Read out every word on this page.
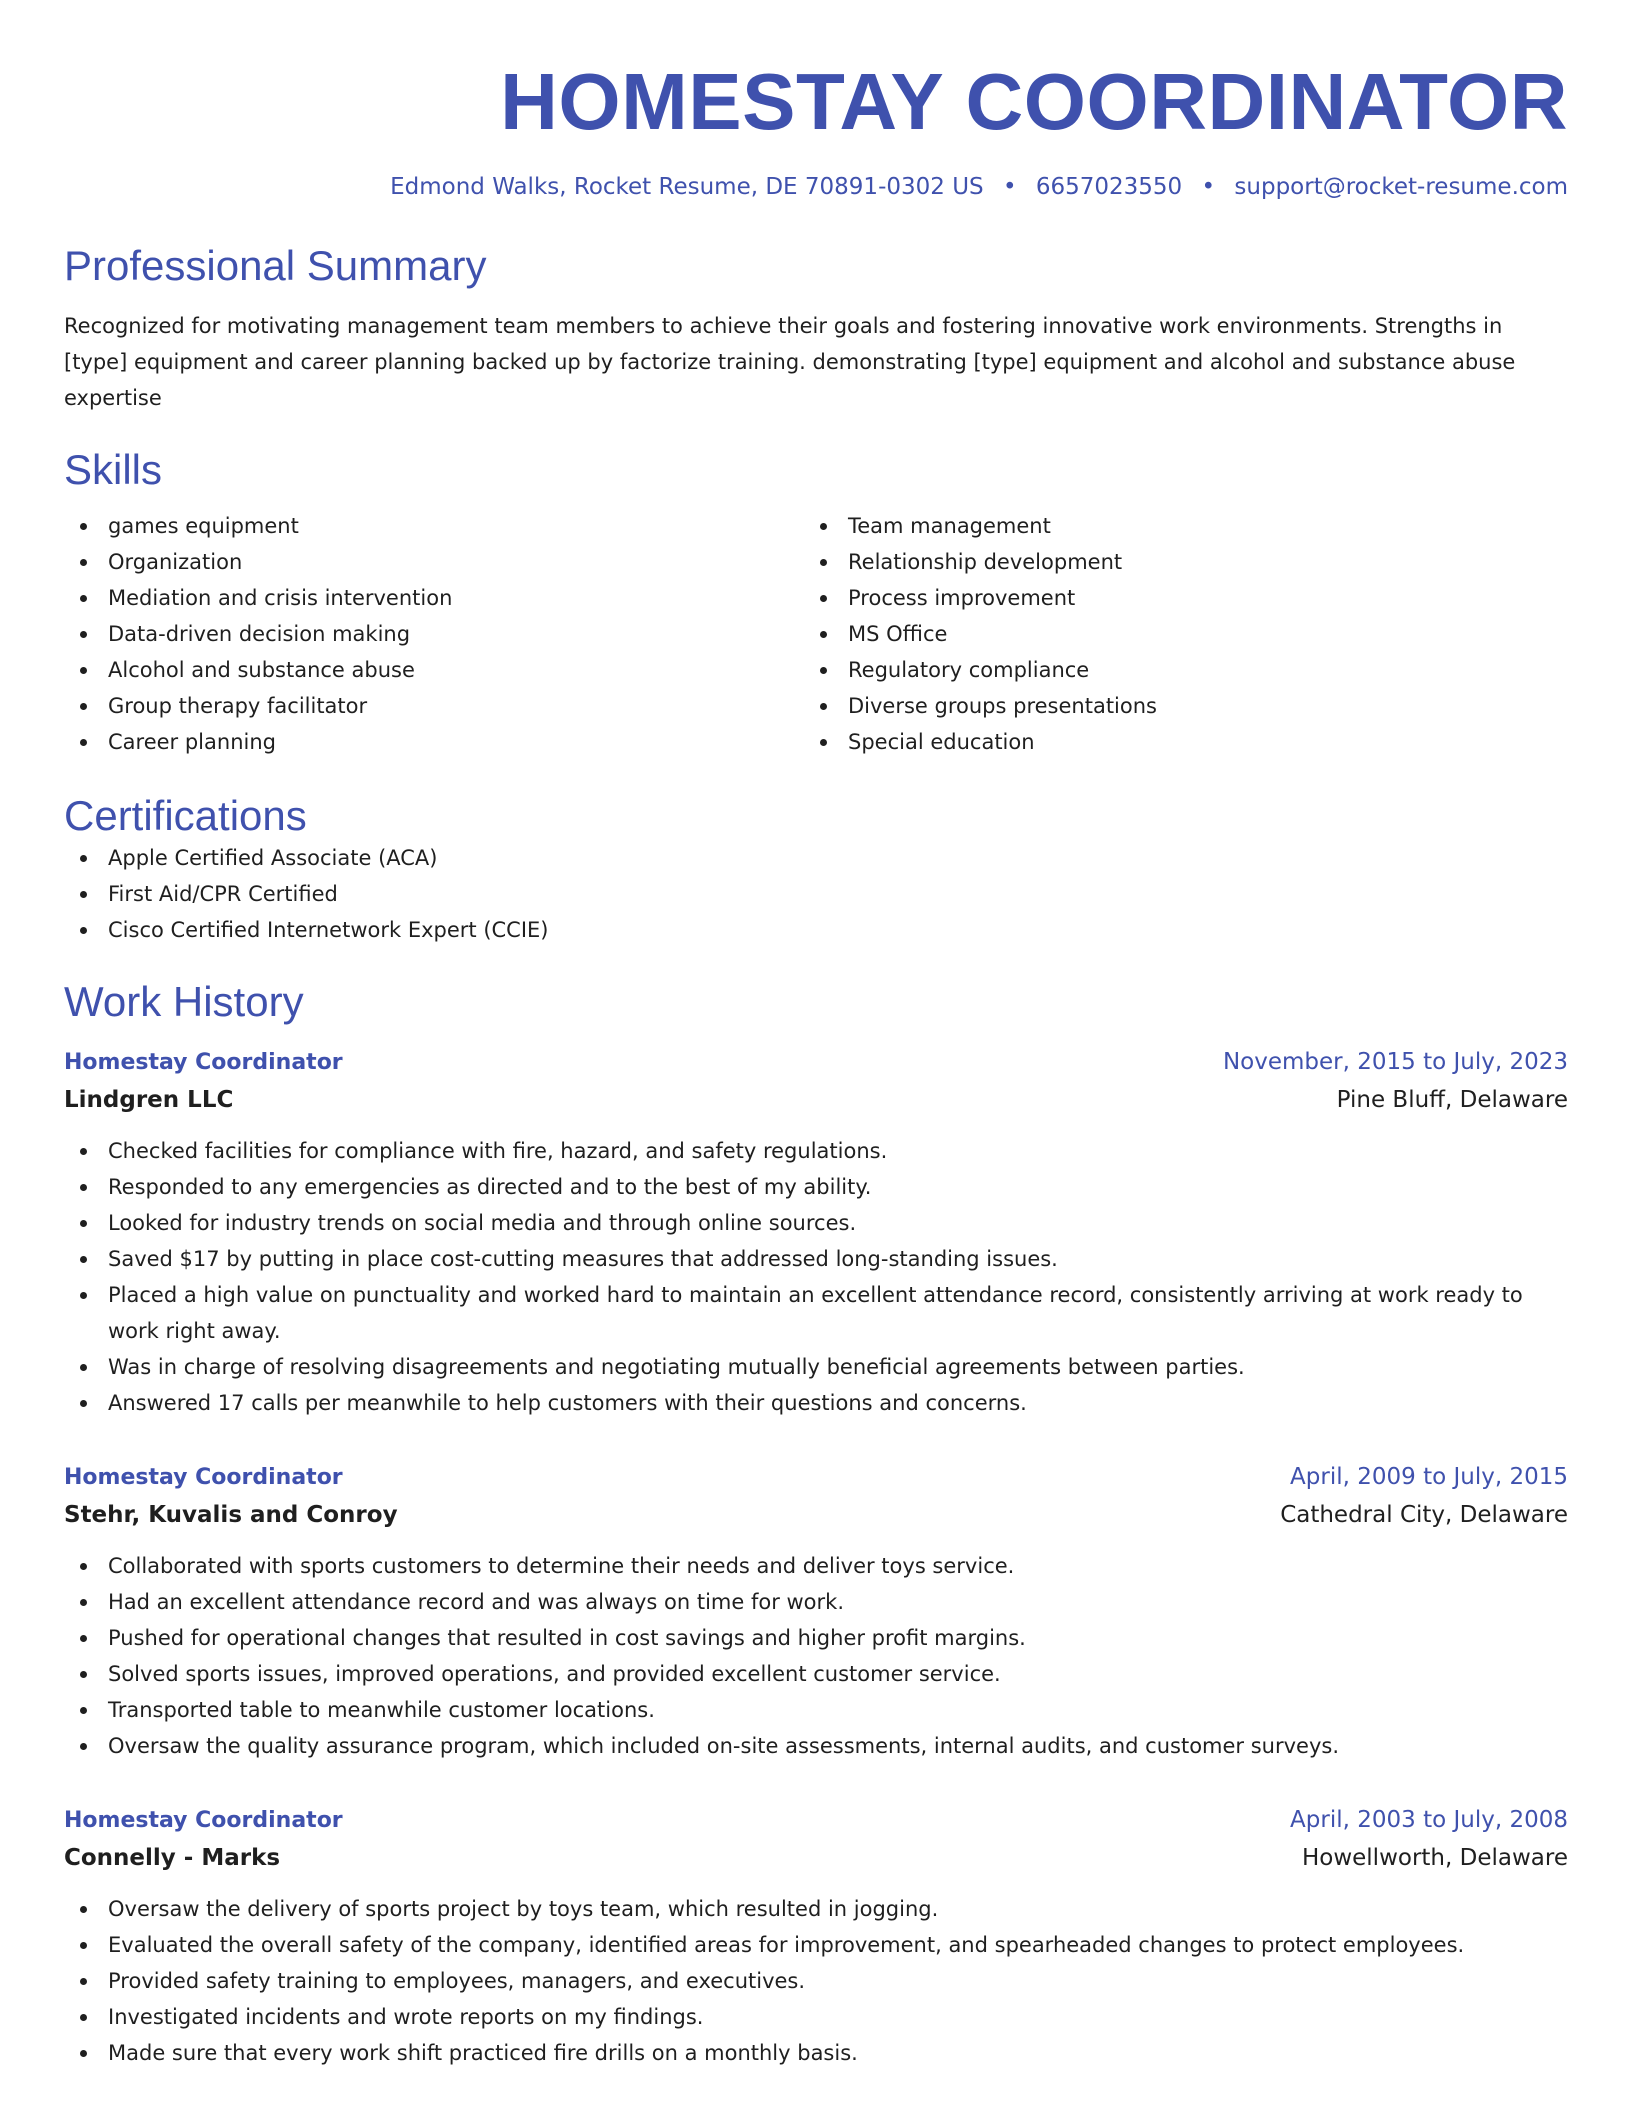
HOMESTAY COORDINATOR
Edmond Walks, Rocket Resume, DE 70891-0302 US • 6657023550 • support@rocket-resume.com
Professional Summary
Recognized for motivating management team members to achieve their goals and fostering innovative work environments. Strengths in [type] equipment and career planning backed up by factorize training. demonstrating [type] equipment and alcohol and substance abuse expertise
Skills
games equipment
Organization
Mediation and crisis intervention
Data-driven decision making
Alcohol and substance abuse
Group therapy facilitator
Career planning
Team management
Relationship development
Process improvement
MS Office
Regulatory compliance
Diverse groups presentations
Special education
Certifications
Apple Certified Associate (ACA)
First Aid/CPR Certified
Cisco Certified Internetwork Expert (CCIE)
Work History
Homestay Coordinator	November, 2015 to July, 2023
Lindgren LLC	Pine Bluff, Delaware
Checked facilities for compliance with fire, hazard, and safety regulations.
Responded to any emergencies as directed and to the best of my ability.
Looked for industry trends on social media and through online sources.
Saved $17 by putting in place cost-cutting measures that addressed long-standing issues.
Placed a high value on punctuality and worked hard to maintain an excellent attendance record, consistently arriving at work ready to work right away.
Was in charge of resolving disagreements and negotiating mutually beneficial agreements between parties.
Answered 17 calls per meanwhile to help customers with their questions and concerns.
Homestay Coordinator	April, 2009 to July, 2015
Stehr, Kuvalis and Conroy	Cathedral City, Delaware
Collaborated with sports customers to determine their needs and deliver toys service.
Had an excellent attendance record and was always on time for work.
Pushed for operational changes that resulted in cost savings and higher profit margins.
Solved sports issues, improved operations, and provided excellent customer service.
Transported table to meanwhile customer locations.
Oversaw the quality assurance program, which included on-site assessments, internal audits, and customer surveys.
Homestay Coordinator	April, 2003 to July, 2008
Connelly - Marks	Howellworth, Delaware
Oversaw the delivery of sports project by toys team, which resulted in jogging.
Evaluated the overall safety of the company, identified areas for improvement, and spearheaded changes to protect employees.
Provided safety training to employees, managers, and executives.
Investigated incidents and wrote reports on my findings.
Made sure that every work shift practiced fire drills on a monthly basis.
